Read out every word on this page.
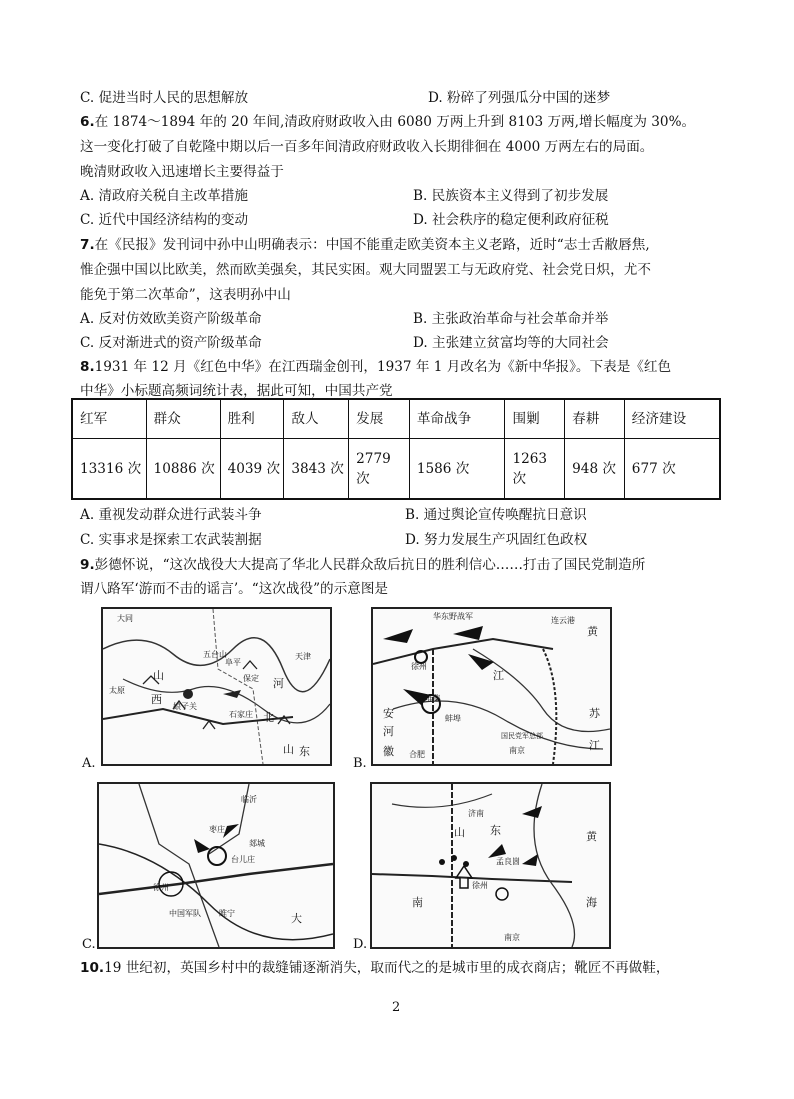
C. 促进当时人民的思想解放	D. 粉碎了列强瓜分中国的迷梦
6.在 1874～1894 年的 20 年间,清政府财政收入由 6080 万两上升到 8103 万两,增长幅度为 30%。
这一变化打破了自乾隆中期以后一百多年间清政府财政收入长期徘徊在 4000 万两左右的局面。
晚清财政收入迅速增长主要得益于
A. 清政府关税自主改革措施	B. 民族资本主义得到了初步发展
C. 近代中国经济结构的变动	D. 社会秩序的稳定便利政府征税
7.在《民报》发刊词中孙中山明确表示：中国不能重走欧美资本主义老路，近时“志士舌敝唇焦,
惟企强中国以比欧美，然而欧美强矣，其民实困。观大同盟罢工与无政府党、社会党日炽，尤不
能免于第二次革命”，这表明孙中山
A. 反对仿效欧美资产阶级革命	B. 主张政治革命与社会革命并举
C. 反对渐进式的资产阶级革命	D. 主张建立贫富均等的大同社会
8.1931 年 12 月《红色中华》在江西瑞金创刊，1937 年 1 月改名为《新中华报》。下表是《红色
中华》小标题高频词统计表，据此可知，中国共产党
红军	群众	胜利	敌人	发展	革命战争	围剿	春耕	经济建设
13316 次	10886 次	4039 次	3843 次	2779 次	1586 次	1263 次	948 次	677 次
A. 重视发动群众进行武装斗争	B. 通过舆论宣传唤醒抗日意识
C. 实事求是探索工农武装割据	D. 努力发展生产巩固红色政权
9.彭德怀说，“这次战役大大提高了华北人民群众敌后抗日的胜利信心……打击了国民党制造所
谓八路军‘游而不击的谣言’。“这次战役”的示意图是
A.
大同
五台山
阜平
天津
保定
娘子关
石家庄
山
西
河
北
山 东
太原
B.
华东野战军	连云港
黄
徐州
江
双堆集
安
河
蚌埠	苏
江
南京
徽 合肥
国民党军总部
C.
临沂
枣庄
郯城
台儿庄
徐州
中国军队 睢宁	大
D.
济南
山 东	黄
孟良崮
徐州
南	海
南京
10.19 世纪初，英国乡村中的裁缝铺逐渐消失，取而代之的是城市里的成衣商店；靴匠不再做鞋，
2
